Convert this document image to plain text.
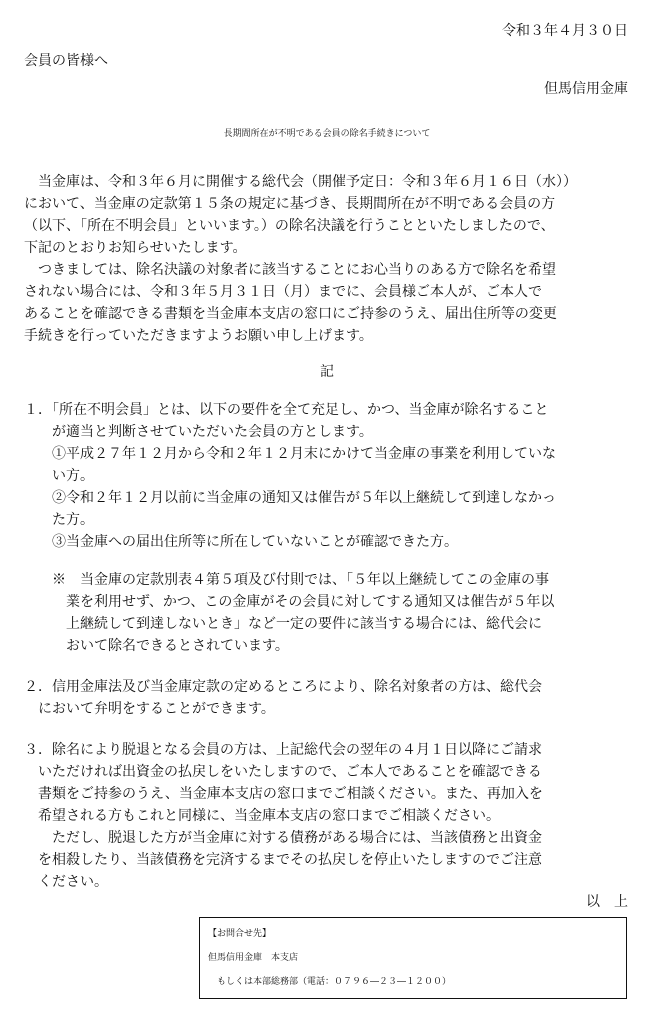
令和３年４月３０日
会員の皆様へ
但馬信用金庫
長期間所在が不明である会員の除名手続きについて
　当金庫は、令和３年６月に開催する総代会（開催予定日：令和３年６月１６日（水））
において、当金庫の定款第１５条の規定に基づき、長期間所在が不明である会員の方
（以下、「所在不明会員」といいます。）の除名決議を行うことといたしましたので、
下記のとおりお知らせいたします。
　つきましては、除名決議の対象者に該当することにお心当りのある方で除名を希望
されない場合には、令和３年５月３１日（月）までに、会員様ご本人が、ご本人で
あることを確認できる書類を当金庫本支店の窓口にご持参のうえ、届出住所等の変更
手続きを行っていただきますようお願い申し上げます。
記
１．「所在不明会員」とは、以下の要件を全て充足し、かつ、当金庫が除名すること
　　が適当と判断させていただいた会員の方とします。
　　①平成２７年１２月から令和２年１２月末にかけて当金庫の事業を利用していな
　　い方。
　　②令和２年１２月以前に当金庫の通知又は催告が５年以上継続して到達しなかっ
　　た方。
　　③当金庫への届出住所等に所在していないことが確認できた方。
　　※　当金庫の定款別表４第５項及び付則では、「５年以上継続してこの金庫の事
　　　業を利用せず、かつ、この金庫がその会員に対してする通知又は催告が５年以
　　　上継続して到達しないとき」など一定の要件に該当する場合には、総代会に
　　　おいて除名できるとされています。
２．信用金庫法及び当金庫定款の定めるところにより、除名対象者の方は、総代会
　において弁明をすることができます。
３．除名により脱退となる会員の方は、上記総代会の翌年の４月１日以降にご請求
　いただければ出資金の払戻しをいたしますので、ご本人であることを確認できる
　書類をご持参のうえ、当金庫本支店の窓口までご相談ください。また、再加入を
　希望される方もこれと同様に、当金庫本支店の窓口までご相談ください。
　　ただし、脱退した方が当金庫に対する債務がある場合には、当該債務と出資金
　を相殺したり、当該債務を完済するまでその払戻しを停止いたしますのでご注意
　ください。
以　上
【お問合せ先】
但馬信用金庫　本支店
　もしくは本部総務部（電話：０７９６―２３―１２００）
